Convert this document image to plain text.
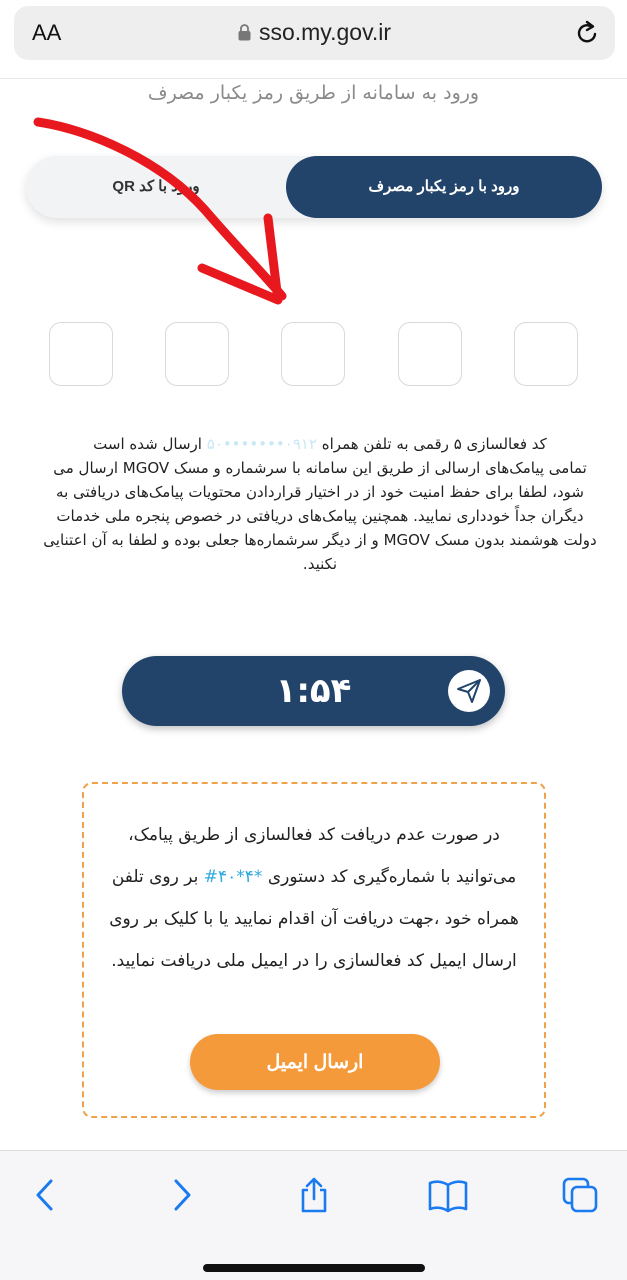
AA	sso.my.gov.ir
ورود به سامانه از طریق رمز یکبار مصرف
ورود با کد QR	ورود با رمز یکبار مصرف
کد فعالسازی ۵ رقمی به تلفن همراه ۰۹۱۲•••••••۵۰ ارسال شده است
تمامی پیامک‌های ارسالی از طریق این سامانه با سرشماره و مسک MGOV ارسال می شود، لطفا برای حفظ امنیت خود از در اختیار قراردادن محتویات پیامک‌های دریافتی به دیگران جداً خودداری نمایید. همچنین پیامک‌های دریافتی در خصوص پنجره ملی خدمات دولت هوشمند بدون مسک MGOV و از دیگر سرشماره‌ها جعلی بوده و لطفا به آن اعتنایی نکنید.
۱:۵۴
در صورت عدم دریافت کد فعالسازی از طریق پیامک، می‌توانید با شماره‌گیری کد دستوری #۴۰*۴* بر روی تلفن همراه خود ،جهت دریافت آن اقدام نمایید یا با کلیک بر روی ارسال ایمیل کد فعالسازی را در ایمیل ملی دریافت نمایید.
ارسال ایمیل
